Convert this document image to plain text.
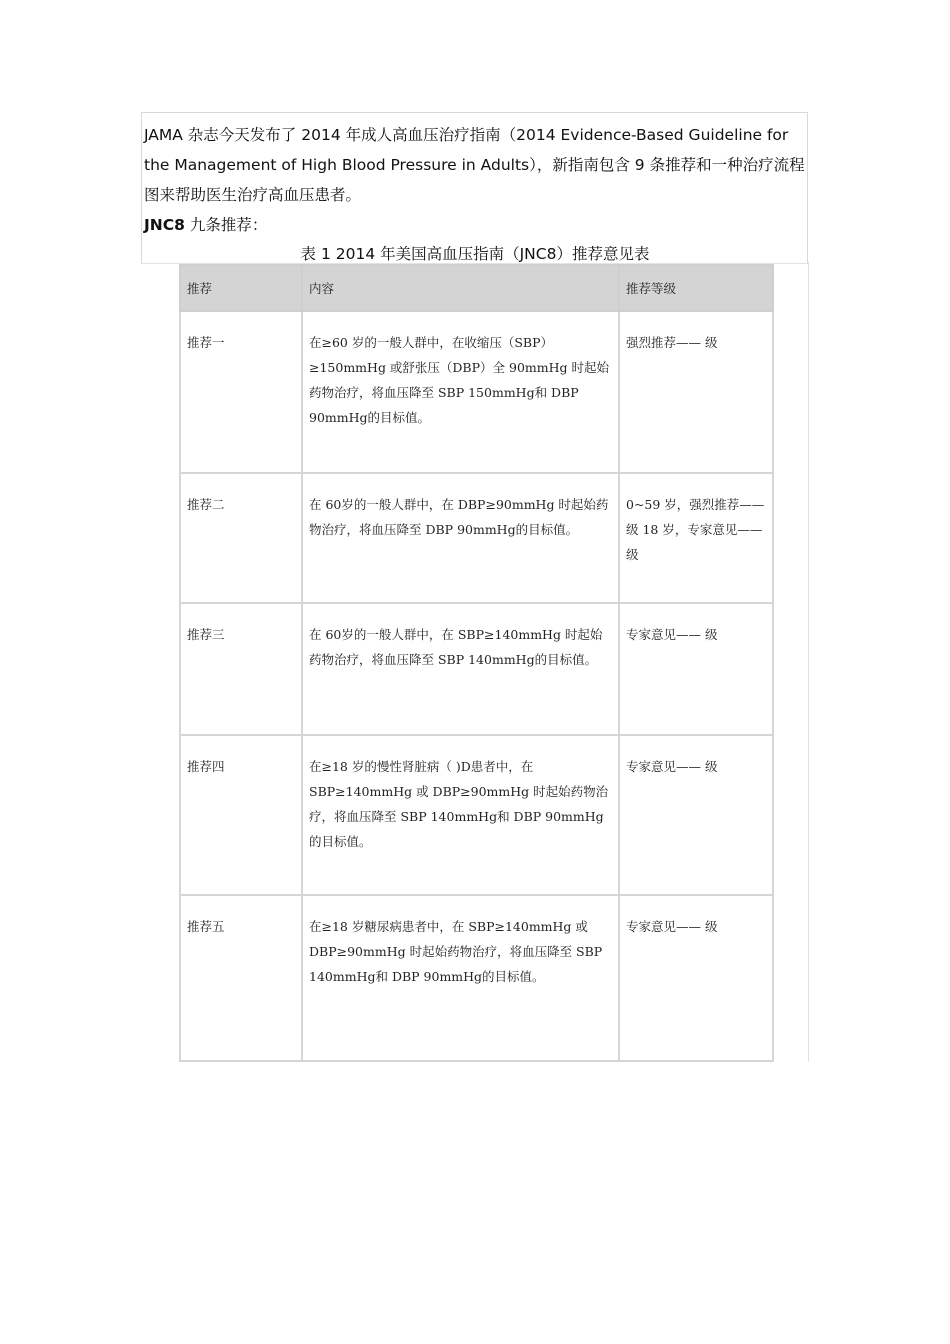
JAMA 杂志今天发布了 2014 年成人高血压治疗指南（2014 Evidence-Based Guideline for the Management of High Blood Pressure in Adults），新指南包含 9 条推荐和一种治疗流程图来帮助医生治疗高血压患者。

JNC8 九条推荐：

表 1 2014 年美国高血压指南（JNC8）推荐意见表
推荐	内容	推荐等级
推荐一	在≥60 岁的一般人群中，在收缩压（SBP）≥150mmHg 或舒张压（DBP）全 90mmHg 时起始药物治疗，将血压降至 SBP 150mmHg和 DBP 90mmHg的目标值。	强烈推荐—— 级
推荐二	在 60岁的一般人群中，在 DBP≥90mmHg 时起始药物治疗，将血压降至 DBP 90mmHg的目标值。	0~59 岁，强烈推荐—— 级 18 岁，专家意见—— 级
推荐三	在 60岁的一般人群中，在 SBP≥140mmHg 时起始药物治疗，将血压降至 SBP 140mmHg的目标值。	专家意见—— 级
推荐四	在≥18 岁的慢性肾脏病（ )D患者中，在 SBP≥140mmHg 或 DBP≥90mmHg 时起始药物治疗，将血压降至 SBP 140mmHg和 DBP 90mmHg的目标值。	专家意见—— 级
推荐五	在≥18 岁糖尿病患者中，在 SBP≥140mmHg 或 DBP≥90mmHg 时起始药物治疗，将血压降至 SBP 140mmHg和 DBP 90mmHg的目标值。	专家意见—— 级
